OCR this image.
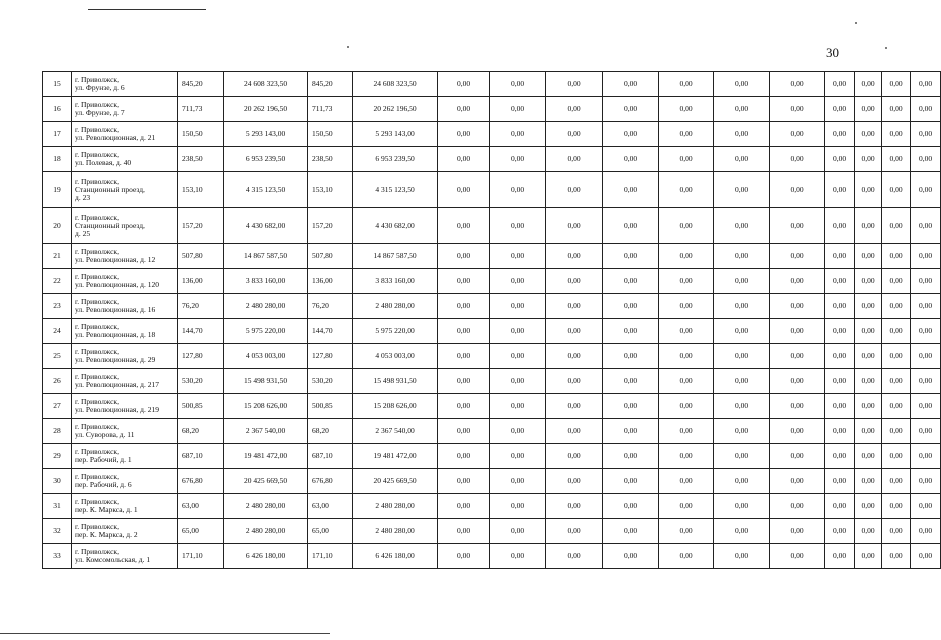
30
15	г. Приволжск,
ул. Фрунзе, д. 6	845,20	24 608 323,50	845,20	24 608 323,50	0,00	0,00	0,00	0,00	0,00	0,00	0,00	0,00	0,00	0,00	0,00	
16	г. Приволжск,
ул. Фрунзе, д. 7	711,73	20 262 196,50	711,73	20 262 196,50	0,00	0,00	0,00	0,00	0,00	0,00	0,00	0,00	0,00	0,00	0,00	
17	г. Приволжск,
ул. Революционная, д. 21	150,50	5 293 143,00	150,50	5 293 143,00	0,00	0,00	0,00	0,00	0,00	0,00	0,00	0,00	0,00	0,00	0,00	
18	г. Приволжск,
ул. Полевая, д. 40	238,50	6 953 239,50	238,50	6 953 239,50	0,00	0,00	0,00	0,00	0,00	0,00	0,00	0,00	0,00	0,00	0,00	
19	г. Приволжск,
Станционный проезд,
д. 23	153,10	4 315 123,50	153,10	4 315 123,50	0,00	0,00	0,00	0,00	0,00	0,00	0,00	0,00	0,00	0,00	0,00	
20	г. Приволжск,
Станционный проезд,
д. 25	157,20	4 430 682,00	157,20	4 430 682,00	0,00	0,00	0,00	0,00	0,00	0,00	0,00	0,00	0,00	0,00	0,00	
21	г. Приволжск,
ул. Революционная, д. 12	507,80	14 867 587,50	507,80	14 867 587,50	0,00	0,00	0,00	0,00	0,00	0,00	0,00	0,00	0,00	0,00	0,00	
22	г. Приволжск,
ул. Революционная, д. 120	136,00	3 833 160,00	136,00	3 833 160,00	0,00	0,00	0,00	0,00	0,00	0,00	0,00	0,00	0,00	0,00	0,00	
23	г. Приволжск,
ул. Революционная, д. 16	76,20	2 480 280,00	76,20	2 480 280,00	0,00	0,00	0,00	0,00	0,00	0,00	0,00	0,00	0,00	0,00	0,00	
24	г. Приволжск,
ул. Революционная, д. 18	144,70	5 975 220,00	144,70	5 975 220,00	0,00	0,00	0,00	0,00	0,00	0,00	0,00	0,00	0,00	0,00	0,00	
25	г. Приволжск,
ул. Революционная, д. 29	127,80	4 053 003,00	127,80	4 053 003,00	0,00	0,00	0,00	0,00	0,00	0,00	0,00	0,00	0,00	0,00	0,00	
26	г. Приволжск,
ул. Революционная, д. 217	530,20	15 498 931,50	530,20	15 498 931,50	0,00	0,00	0,00	0,00	0,00	0,00	0,00	0,00	0,00	0,00	0,00	
27	г. Приволжск,
ул. Революционная, д. 219	500,85	15 208 626,00	500,85	15 208 626,00	0,00	0,00	0,00	0,00	0,00	0,00	0,00	0,00	0,00	0,00	0,00	
28	г. Приволжск,
ул. Суворова, д. 11	68,20	2 367 540,00	68,20	2 367 540,00	0,00	0,00	0,00	0,00	0,00	0,00	0,00	0,00	0,00	0,00	0,00	
29	г. Приволжск,
пер. Рабочий, д. 1	687,10	19 481 472,00	687,10	19 481 472,00	0,00	0,00	0,00	0,00	0,00	0,00	0,00	0,00	0,00	0,00	0,00	
30	г. Приволжск,
пер. Рабочий, д. 6	676,80	20 425 669,50	676,80	20 425 669,50	0,00	0,00	0,00	0,00	0,00	0,00	0,00	0,00	0,00	0,00	0,00	
31	г. Приволжск,
пер. К. Маркса, д. 1	63,00	2 480 280,00	63,00	2 480 280,00	0,00	0,00	0,00	0,00	0,00	0,00	0,00	0,00	0,00	0,00	0,00	
32	г. Приволжск,
пер. К. Маркса, д. 2	65,00	2 480 280,00	65,00	2 480 280,00	0,00	0,00	0,00	0,00	0,00	0,00	0,00	0,00	0,00	0,00	0,00	
33	г. Приволжск,
ул. Комсомольская, д. 1	171,10	6 426 180,00	171,10	6 426 180,00	0,00	0,00	0,00	0,00	0,00	0,00	0,00	0,00	0,00	0,00	0,00	
